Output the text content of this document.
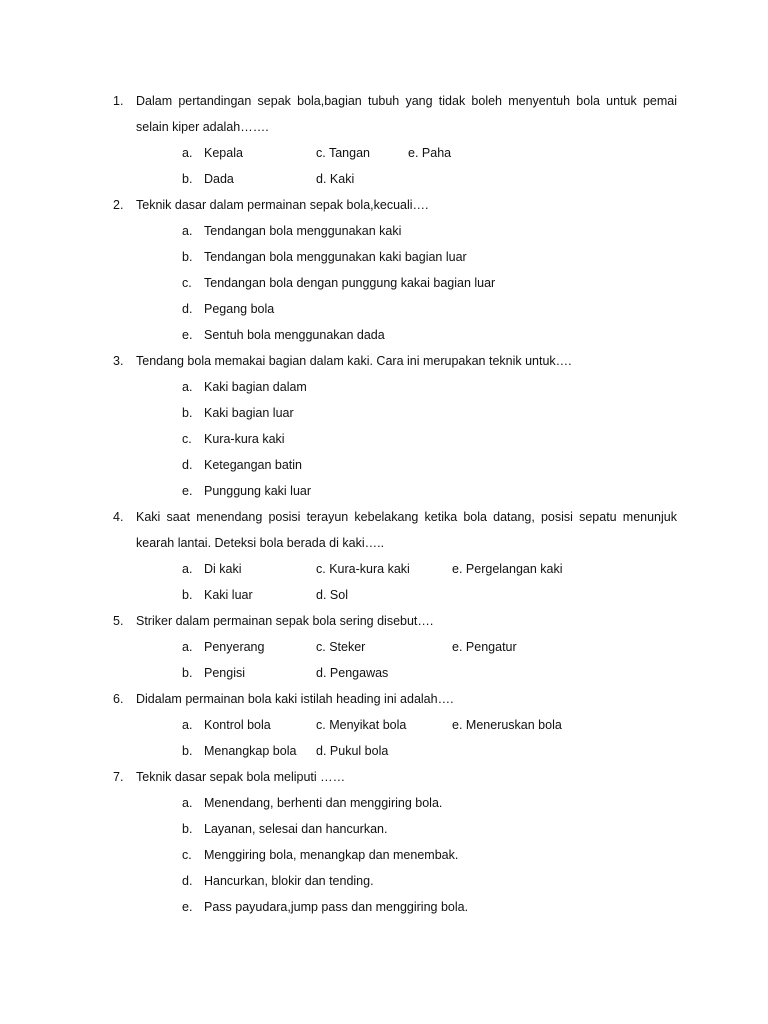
1. Dalam pertandingan sepak bola,bagian tubuh yang tidak boleh menyentuh bola untuk pemai
selain kiper adalah…….
a. Kepala	c. Tangan	e. Paha
b. Dada	d. Kaki
2. Teknik dasar dalam permainan sepak bola,kecuali….
a. Tendangan bola menggunakan kaki
b. Tendangan bola menggunakan kaki bagian luar
c. Tendangan bola dengan punggung kakai bagian luar
d. Pegang bola
e. Sentuh bola menggunakan dada
3. Tendang bola memakai bagian dalam kaki. Cara ini merupakan teknik untuk….
a. Kaki bagian dalam
b. Kaki bagian luar
c. Kura-kura kaki
d. Ketegangan batin
e. Punggung kaki luar
4. Kaki saat menendang posisi terayun kebelakang ketika bola datang, posisi sepatu menunjuk
kearah lantai. Deteksi bola berada di kaki…..
a. Di kaki	c. Kura-kura kaki	e. Pergelangan kaki
b. Kaki luar	d. Sol
5. Striker dalam permainan sepak bola sering disebut….
a. Penyerang	c. Steker	e. Pengatur
b. Pengisi	d. Pengawas
6. Didalam permainan bola kaki istilah heading ini adalah….
a. Kontrol bola	c. Menyikat bola	e. Meneruskan bola
b. Menangkap bola d. Pukul bola
7. Teknik dasar sepak bola meliputi ……
a. Menendang, berhenti dan menggiring bola.
b. Layanan, selesai dan hancurkan.
c. Menggiring bola, menangkap dan menembak.
d. Hancurkan, blokir dan tending.
e. Pass payudara,jump pass dan menggiring bola.
